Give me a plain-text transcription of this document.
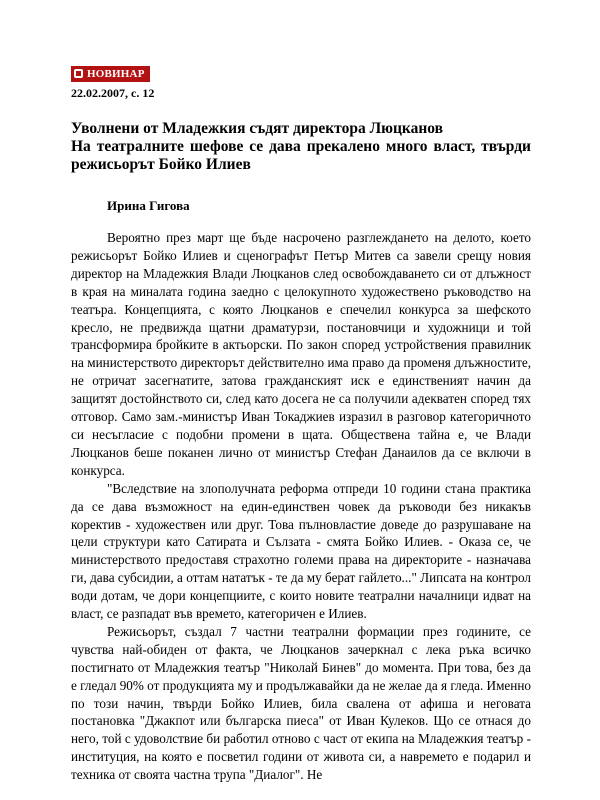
НОВИНАР
22.02.2007, с. 12
Уволнени от Младежкия съдят директора Люцканов
На театралните шефове се дава прекалено много власт, твърди режисьорът Бойко Илиев
Ирина Гигова

Вероятно през март ще бъде насрочено разглеждането на делото, което режисьорът Бойко Илиев и сценографът Петър Митев са завели срещу новия директор на Младежкия Влади Люцканов след освобождаването си от длъжност в края на миналата година заедно с целокупното художествено ръководство на театъра. Концепцията, с която Люцканов е спечелил конкурса за шефското кресло, не предвижда щатни драматурзи, постановчици и художници и той трансформира бройките в актьорски. По закон според устройствения правилник на министерството директорът действително има право да променя длъжностите, не отричат засегнатите, затова гражданският иск е единственият начин да защитят достойнството си, след като досега не са получили адекватен според тях отговор. Само зам.-министър Иван Токаджиев изразил в разговор категоричното си несъгласие с подобни промени в щата. Обществена тайна е, че Влади Люцканов беше поканен лично от министър Стефан Данаилов да се включи в конкурса.

"Вследствие на злополучната реформа отпреди 10 години стана практика да се дава възможност на един-единствен човек да ръководи без никакъв коректив - художествен или друг. Това пълновластие доведе до разрушаване на цели структури като Сатирата и Сълзата - смята Бойко Илиев. - Оказа се, че министерството предоставя страхотно големи права на директорите - назначава ги, дава субсидии, а оттам нататък - те да му берат гайлето..." Липсата на контрол води дотам, че дори концепциите, с които новите театрални началници идват на власт, се разпадат във времето, категоричен е Илиев.

Режисьорът, създал 7 частни театрални формации през годините, се чувства най-обиден от факта, че Люцканов зачеркнал с лека ръка всичко постигнато от Младежкия театър "Николай Бинев" до момента. При това, без да е гледал 90% от продукцията му и продължавайки да не желае да я гледа. Именно по този начин, твърди Бойко Илиев, била свалена от афиша и неговата постановка "Джакпот или българска пиеса" от Иван Кулеков. Що се отнася до него, той с удоволствие би работил отново с част от екипа на Младежкия театър - институция, на която е посветил години от живота си, а навремето е подарил и техника от своята частна трупа "Диалог". Не
